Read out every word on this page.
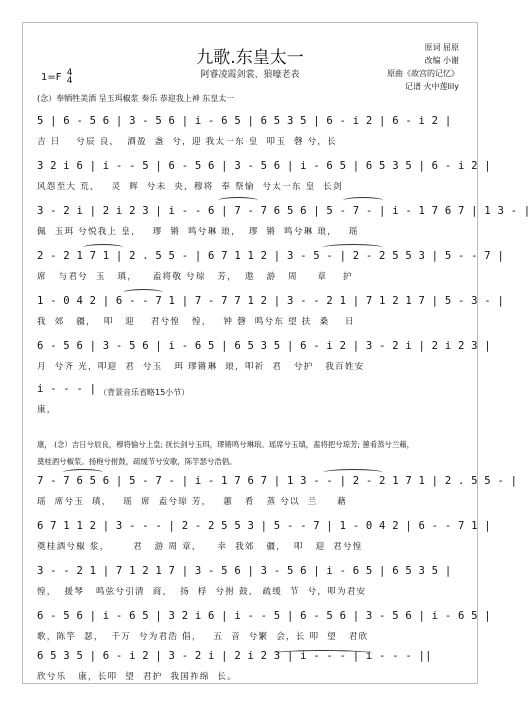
九歌.东皇太一
阿睿凌霞剑裳、狼嚎老表
原词 屈原
改编 小谢
原曲《故宫的记忆》
记谱 火中莲lily
1=F 4
4
(念）奉牺牲美酒 呈玉珥椒浆 奏乐 恭迎我上神 东皇太一
5 | 6 - 5 6 | 3 - 5 6 | i - 6 5 | 6 5 3 5 | 6 - i 2 | 6 - i 2 |
吉 日    兮辰 良，  酒盈  盏  兮，迎 我太一东 皇  叩玉  磬 兮，长
3 2 i 6 | i - - 5 | 6 - 5 6 | 3 - 5 6 | i - 6 5 | 6 5 3 5 | 6 - i 2 |
风怨至大 荒，   灵  辉  兮未  央，穆将  奉 祭愉  兮太一东 皇  长剑
3 - 2 i | 2 i 2 3 | i - - 6 | 7 - 7 6 5 6 | 5 - 7 - | i - 1 7 6 7 | 1 3 - |
佩  玉珥 兮悦我上 皇，   璆  锵  鸣兮琳 琅，  璆  锵  鸣兮琳 琅，   瑶
2 - 2 1 7 1 | 2 . 5 5 - | 6 7 1 1 2 | 3 - 5 - | 2 - 2 5 5 3 | 5 - - 7 |
席   与君兮  玉   瑱，    盍将敬 兮琼   芳，  遨   游   周     章    护
1 - 0 4 2 | 6 - - 7 1 | 7 - 7 7 1 2 | 3 - - 2 1 | 7 1 2 1 7 | 5 - 3 - |
我  郊   疆，  叩   迎    君兮惶   惶，   钟 磬  鸣兮东 望 扶  桑    日
6 - 5 6 | 3 - 5 6 | i - 6 5 | 6 5 3 5 | 6 - i 2 | 3 - 2 i | 2 i 2 3 |
月  兮齐 光，叩迎  君  兮玉   珥 璆锵琳  琅，叩祈  君   兮护   我百姓安
i - - - |
康，
（背景音乐省略15小节）
康， (念）吉日兮辰良，穆将愉兮上皇; 抚长剑兮玉珥，璆锵鸣兮琳琅。瑶席兮玉瑱，盍将把兮琼芳; 蕙肴蒸兮兰藉，
奠桂酒兮椒浆。扬枹兮拊鼓，疏缓节兮安歌，陈竽瑟兮浩倡。
7 - 7 6 5 6 | 5 - 7 - | i - 1 7 6 7 | 1 3 - - | 2 - 2 1 7 1 | 2 . 5 5 - |
瑶  席兮玉  瑱，   瑶  席  盍兮琼 芳，   蕙   肴   蒸 兮以  兰     藉
6 7 1 1 2 | 3 - - - | 2 - 2 5 5 3 | 5 - - 7 | 1 - 0 4 2 | 6 - - 7 1 |
奠桂酒兮椒 浆，      君   游 周 章，    幸  我郊   疆，  叩   迎  君兮惶
3 - - 2 1 | 7 1 2 1 7 | 3 - 5 6 | 3 - 5 6 | i - 6 5 | 6 5 3 5 |
惶，  援琴   鸣弦兮引清  商，  扬  桴  兮拊 鼓， 疏缓  节  兮，叩为君安
6 - 5 6 | i - 6 5 | 3 2 i 6 | i - - 5 | 6 - 5 6 | 3 - 5 6 | i - 6 5 |
歌，陈竽  瑟，  千万  兮为君浩 倡，   五  音  兮繁  会，长 叩  望   君欣
6 5 3 5 | 6 - i 2 | 3 - 2 i | 2 i 2 3 | i - - - | i - - - ||
欣兮乐   康，长叩  望  君护  我国祚绵  长。
